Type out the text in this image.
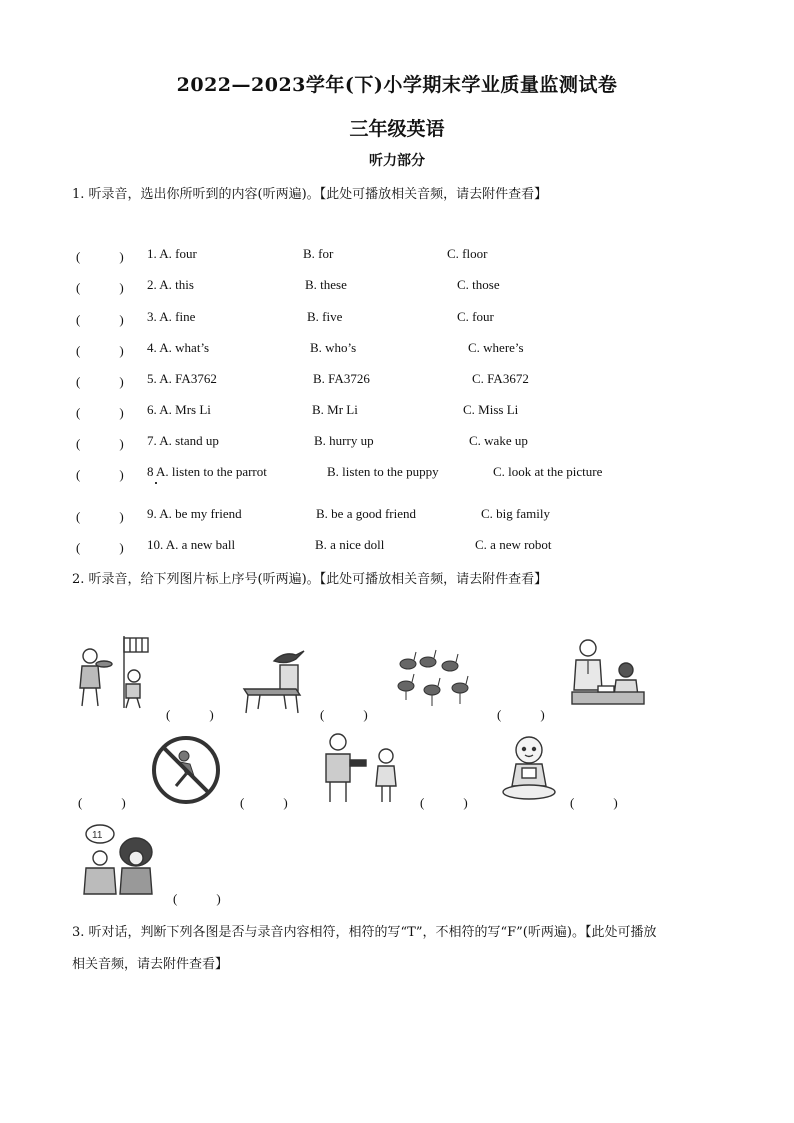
2022—2023学年(下)小学期末学业质量监测试卷
三年级英语
听力部分
1. 听录音，选出你所听到的内容(听两遍)。【此处可播放相关音频，请去附件查看】
(　　　) 1. A. four	B. for	C. floor
(　　　) 2. A. this	B. these	C. those
(　　　) 3. A. fine	B. five	C. four
(　　　) 4. A. what’s	B. who’s	C. where’s
(　　　) 5. A. FA3762	B. FA3726	C. FA3672
(　　　) 6. A. Mrs Li	B. Mr Li	C. Miss Li
(　　　) 7. A. stand up	B. hurry up	C. wake up
(　　　) 8 A. listen to the parrot	B. listen to the puppy	C. look at the picture
(　　　) 9. A. be my friend	B. be a good friend	C. big family
(　　　) 10. A. a new ball	B. a nice doll	C. a new robot
2. 听录音，给下列图片标上序号(听两遍)。【此处可播放相关音频，请去附件查看】
(　　　)	(　　　)	(　　　)
(　　　)	(　　　)	(　　　)	(　　　)
11
(　　　)
3. 听对话，判断下列各图是否与录音内容相符，相符的写“T”，不相符的写“F”(听两遍)。【此处可播放
相关音频，请去附件查看】
